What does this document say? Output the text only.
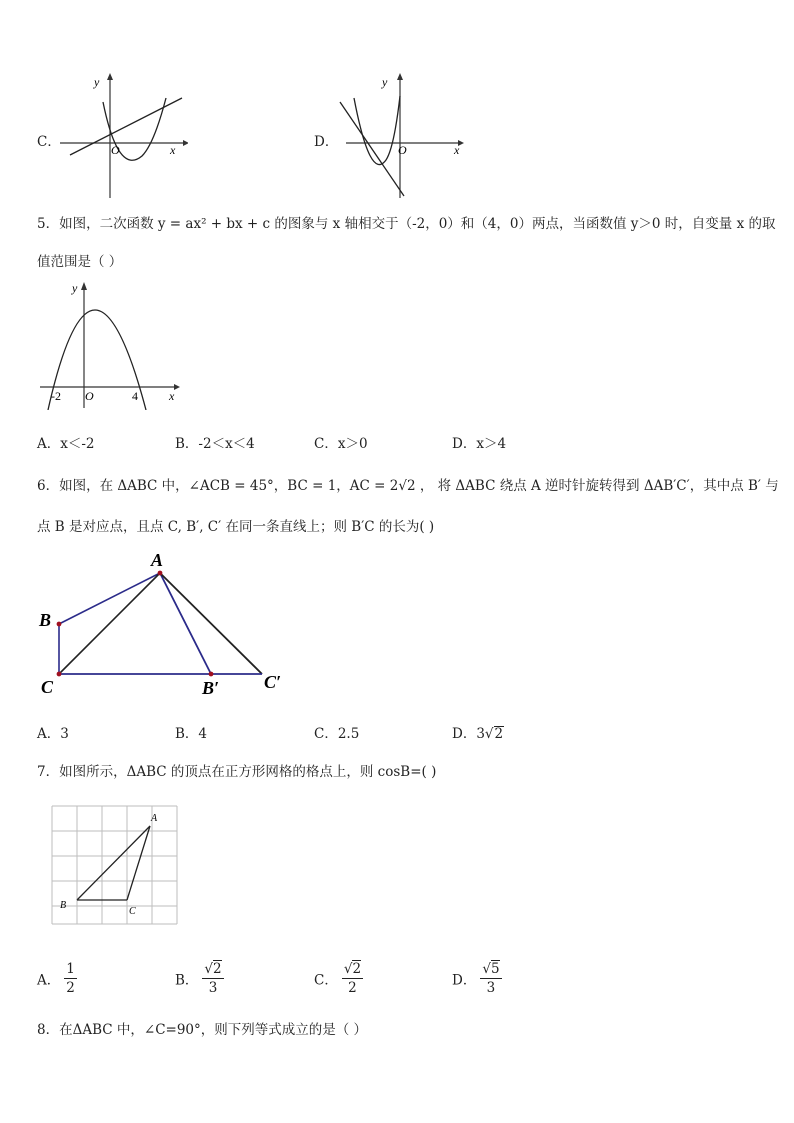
C．
y
x
O	D．
y
x
O
5．如图，二次函数 y = ax² + bx + c 的图象与 x 轴相交于（-2，0）和（4，0）两点，当函数值 y＞0 时，自变量 x 的取
值范围是（ ）
y
x
O
-2	4
A．x＜-2	B．-2＜x＜4	C．x＞0	D．x＞4
6．如图，在 ΔABC 中，∠ACB = 45°，BC = 1，AC = 2√2 ， 将 ΔABC 绕点 A 逆时针旋转得到 ΔAB′C′，其中点 B′ 与
点 B 是对应点，且点 C, B′, C′ 在同一条直线上；则 B′C 的长为( )
A
B
C	B′ C′
A．3	B．4	C．2.5	D．3√2
7．如图所示，ΔABC 的顶点在正方形网格的格点上，则 cosB=( )
A
B
C
A． $\frac{1}{2}$	B． $\frac{√2}{3}$	C． $\frac{√2}{2}$	D． $\frac{√5}{3}$
8．在ΔABC 中，∠C=90°，则下列等式成立的是（ ）
